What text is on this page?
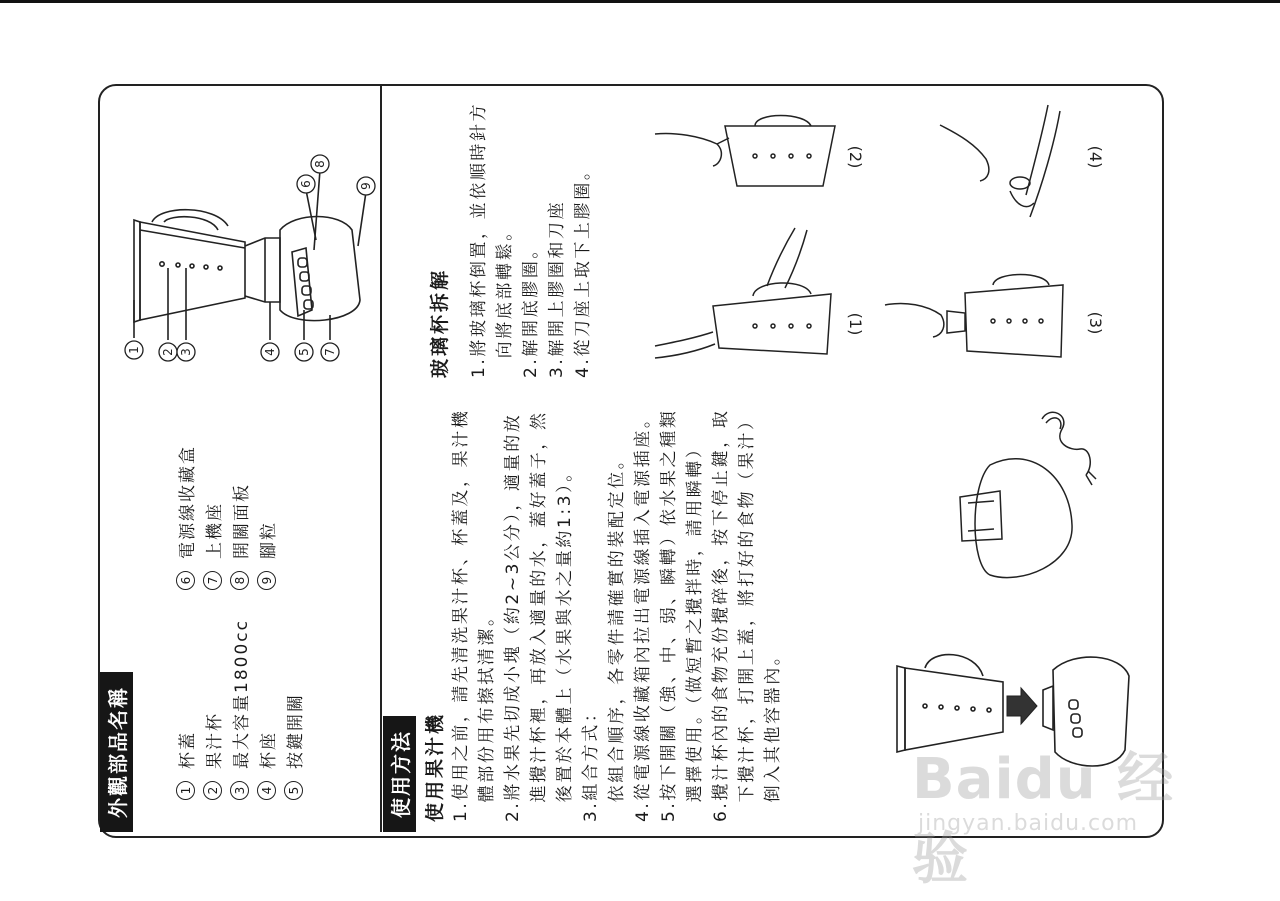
外觀部品名稱	1
杯蓋
2
果汁杯
3
最大容量1800cc
4
杯座
5
按鍵開關
6
電源線收藏盒
7
上機座
8
開關面板
9
腳粒
1 2 3	4 5 7
6
8
9
使用方法 使用果汁機 1.使用之前，請先清洗果汁杯、杯蓋及，果汁機 　體部份用布擦拭清潔。 2.將水果先切成小塊（約2~3公分），適量的放 　進攪汁杯裡，再放入適量的水，蓋好蓋子，然 　後置於本體上（水果與水之量約1:3）。 3.組合方式： 　依組合順序，各零件請確實的裝配定位。 4.從電源線收藏箱內拉出電源線插入電源插座。 5.按下開關（強、中、弱、瞬轉）依水果之種類 　選擇使用。（做短暫之攪拌時，請用瞬轉） 6.攪汁杯內的食物充份攪碎後，按下停止鍵，取 　下攪汁杯，打開上蓋，將打好的食物（果汁） 　倒入其他容器內。
玻璃杯拆解 1.將玻璃杯倒置，並依順時針方 　向將底部轉鬆。 2.解開底膠圈。 3.解開上膠圈和刀座 4.從刀座上取下上膠圈。
(2)
(1)
(4)
(3)
Baidu 经验
jingyan.baidu.com
